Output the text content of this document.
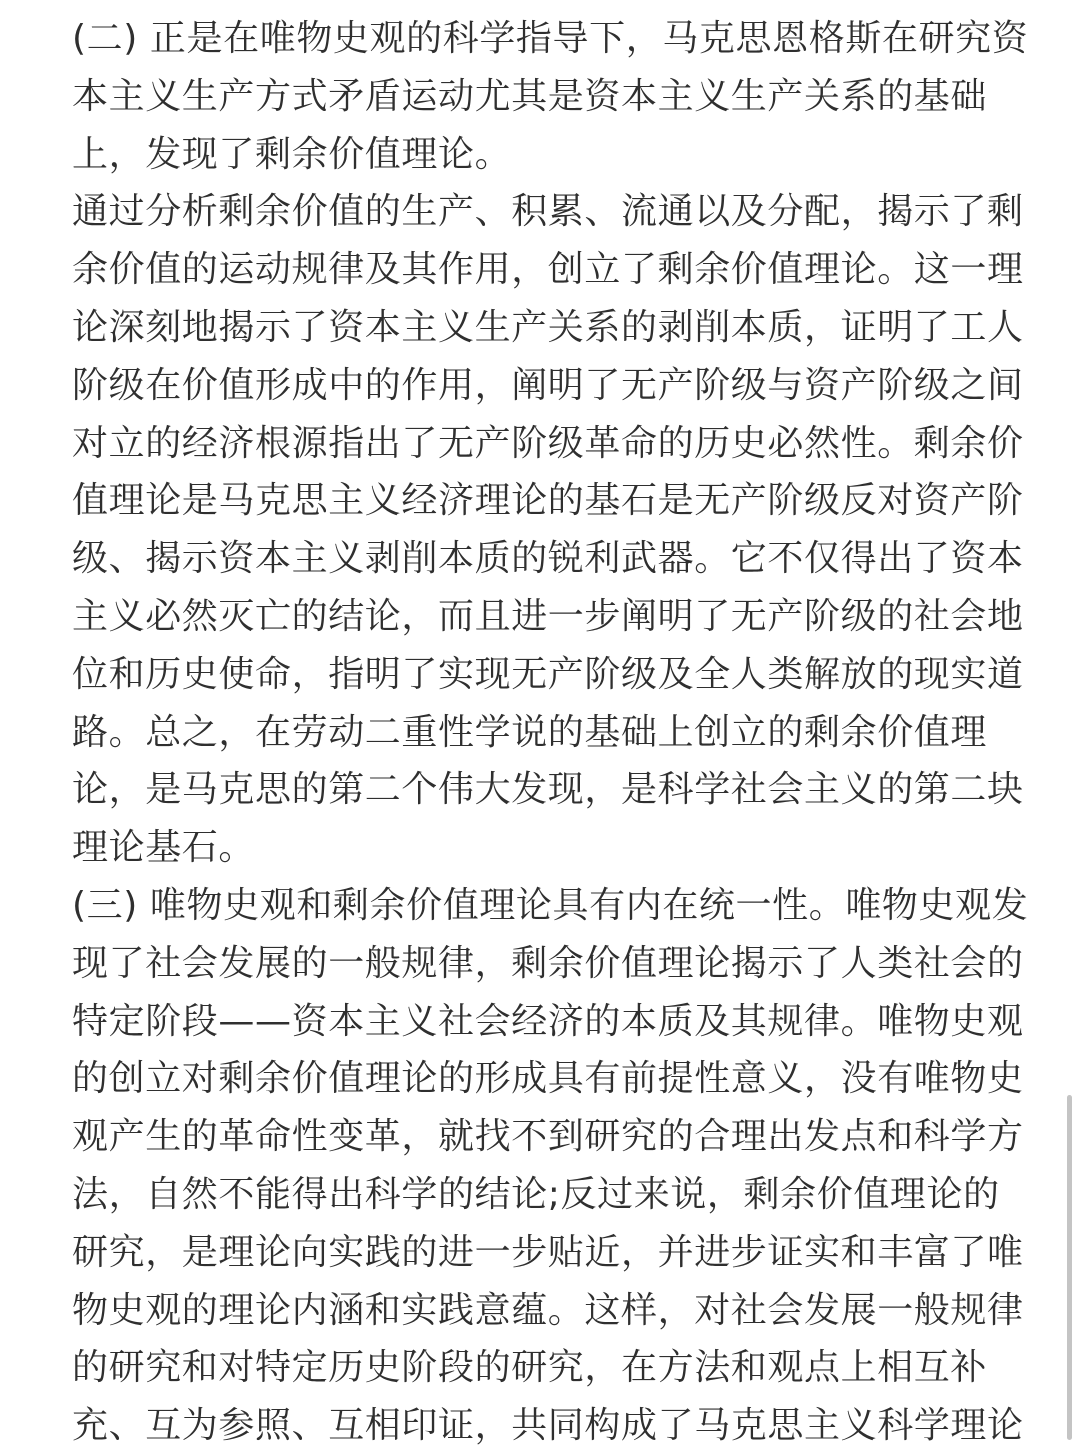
(二) 正是在唯物史观的科学指导下，马克思恩格斯在研究资
本主义生产方式矛盾运动尤其是资本主义生产关系的基础
上，发现了剩余价值理论。
通过分析剩余价值的生产、积累、流通以及分配，揭示了剩
余价值的运动规律及其作用，创立了剩余价值理论。这一理
论深刻地揭示了资本主义生产关系的剥削本质，证明了工人
阶级在价值形成中的作用，阐明了无产阶级与资产阶级之间
对立的经济根源指出了无产阶级革命的历史必然性。剩余价
值理论是马克思主义经济理论的基石是无产阶级反对资产阶
级、揭示资本主义剥削本质的锐利武器。它不仅得出了资本
主义必然灭亡的结论，而且进一步阐明了无产阶级的社会地
位和历史使命，指明了实现无产阶级及全人类解放的现实道
路。总之，在劳动二重性学说的基础上创立的剩余价值理
论，是马克思的第二个伟大发现，是科学社会主义的第二块
理论基石。
(三) 唯物史观和剩余价值理论具有内在统一性。唯物史观发
现了社会发展的一般规律，剩余价值理论揭示了人类社会的
特定阶段——资本主义社会经济的本质及其规律。唯物史观
的创立对剩余价值理论的形成具有前提性意义，没有唯物史
观产生的革命性变革，就找不到研究的合理出发点和科学方
法，自然不能得出科学的结论;反过来说，剩余价值理论的
研究，是理论向实践的进一步贴近，并进步证实和丰富了唯
物史观的理论内涵和实践意蕴。这样，对社会发展一般规律
的研究和对特定历史阶段的研究，在方法和观点上相互补
充、互为参照、互相印证，共同构成了马克思主义科学理论
